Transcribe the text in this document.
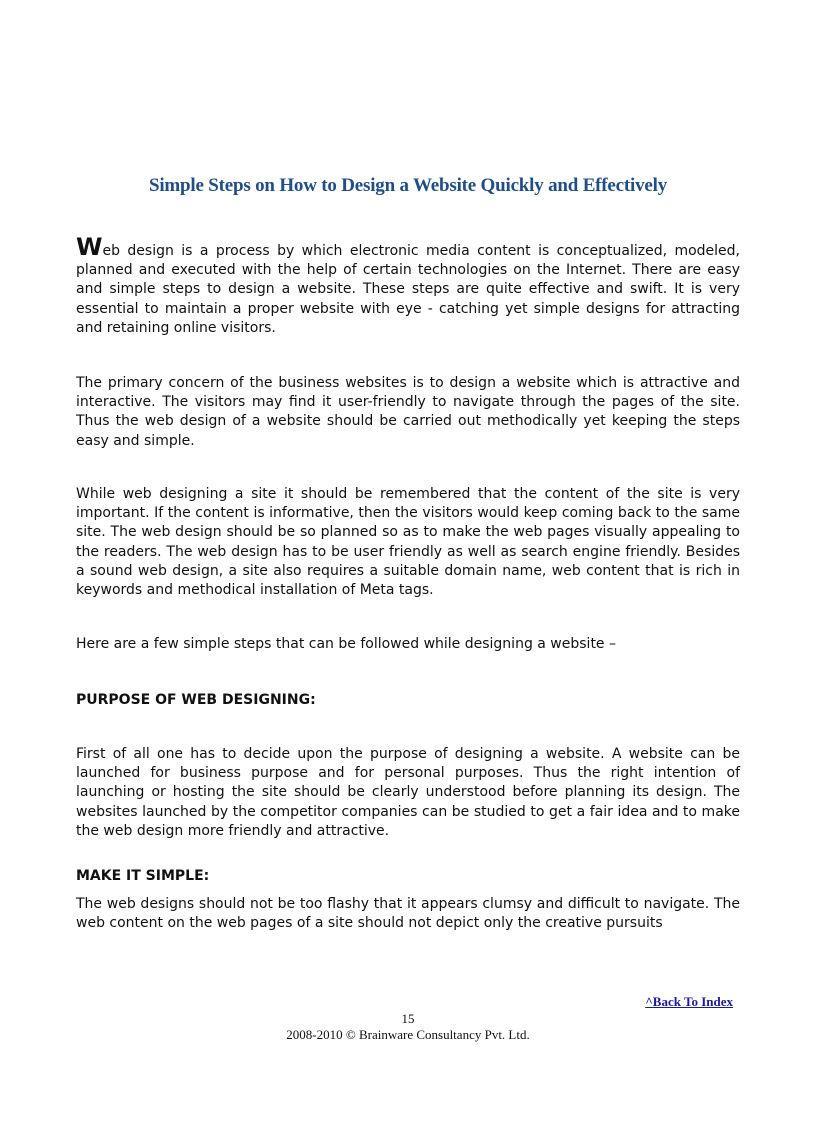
Simple Steps on How to Design a Website Quickly and Effectively
Web design is a process by which electronic media content is conceptualized, modeled, planned and executed with the help of certain technologies on the Internet. There are easy and simple steps to design a website. These steps are quite effective and swift. It is very essential to maintain a proper website with eye - catching yet simple designs for attracting and retaining online visitors.
The primary concern of the business websites is to design a website which is attractive and interactive. The visitors may find it user-friendly to navigate through the pages of the site. Thus the web design of a website should be carried out methodically yet keeping the steps easy and simple.
While web designing a site it should be remembered that the content of the site is very important. If the content is informative, then the visitors would keep coming back to the same site. The web design should be so planned so as to make the web pages visually appealing to the readers. The web design has to be user friendly as well as search engine friendly. Besides a sound web design, a site also requires a suitable domain name, web content that is rich in keywords and methodical installation of Meta tags.
Here are a few simple steps that can be followed while designing a website –
PURPOSE OF WEB DESIGNING:
First of all one has to decide upon the purpose of designing a website. A website can be launched for business purpose and for personal purposes. Thus the right intention of launching or hosting the site should be clearly understood before planning its design. The websites launched by the competitor companies can be studied to get a fair idea and to make the web design more friendly and attractive.
MAKE IT SIMPLE:
The web designs should not be too flashy that it appears clumsy and difficult to navigate. The web content on the web pages of a site should not depict only the creative pursuits
^Back To Index
15
2008-2010 © Brainware Consultancy Pvt. Ltd.
